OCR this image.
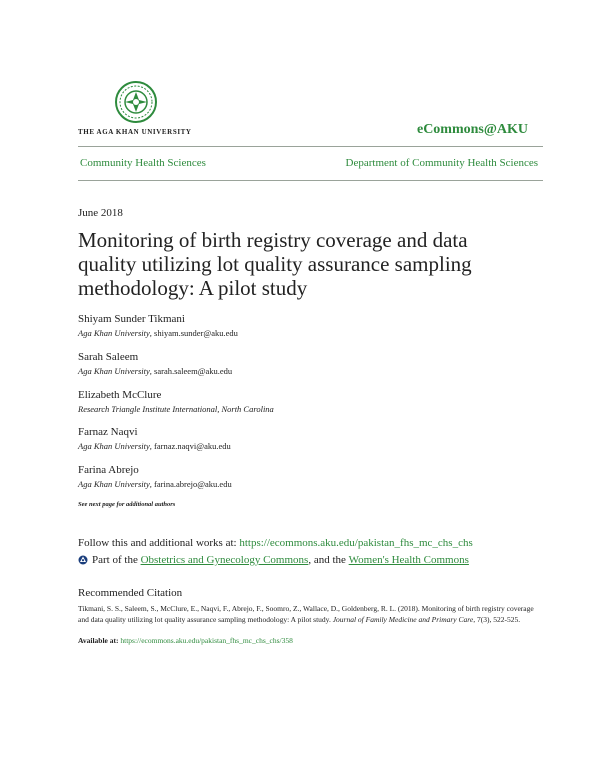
THE AGA KHAN UNIVERSITY	eCommons@AKU
Community Health Sciences	Department of Community Health Sciences
June 2018
Monitoring of birth registry coverage and data quality utilizing lot quality assurance sampling methodology: A pilot study
Shiyam Sunder Tikmani
Aga Khan University, shiyam.sunder@aku.edu
Sarah Saleem
Aga Khan University, sarah.saleem@aku.edu
Elizabeth McClure
Research Triangle Institute International, North Carolina
Farnaz Naqvi
Aga Khan University, farnaz.naqvi@aku.edu
Farina Abrejo
Aga Khan University, farina.abrejo@aku.edu
See next page for additional authors
Follow this and additional works at: https://ecommons.aku.edu/pakistan_fhs_mc_chs_chs
Part of the
Obstetrics and Gynecology Commons , and the
Women's Health Commons
Recommended Citation
Tikmani, S. S., Saleem, S., McClure, E., Naqvi, F., Abrejo, F., Soomro, Z., Wallace, D., Goldenberg, R. L. (2018). Monitoring of birth registry coverage and data quality utilizing lot quality assurance sampling methodology: A pilot study. Journal of Family Medicine and Primary Care, 7(3), 522-525.
Available at: https://ecommons.aku.edu/pakistan_fhs_mc_chs_chs/358
